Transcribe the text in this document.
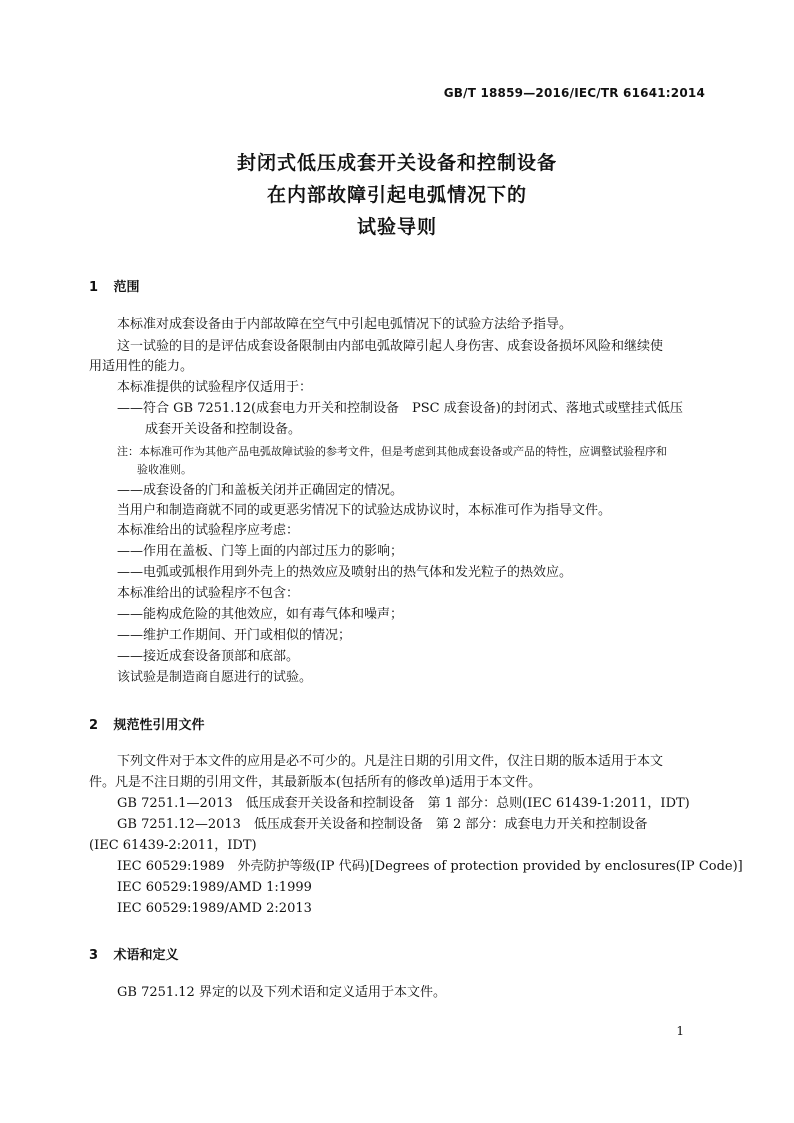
GB/T 18859—2016/IEC/TR 61641:2014
封闭式低压成套开关设备和控制设备
在内部故障引起电弧情况下的
试验导则
1 范围
本标准对成套设备由于内部故障在空气中引起电弧情况下的试验方法给予指导。
这一试验的目的是评估成套设备限制由内部电弧故障引起人身伤害、成套设备损坏风险和继续使
用适用性的能力。
本标准提供的试验程序仅适用于：
——符合 GB 7251.12(成套电力开关和控制设备　PSC 成套设备)的封闭式、落地式或壁挂式低压
成套开关设备和控制设备。
注：本标准可作为其他产品电弧故障试验的参考文件，但是考虑到其他成套设备或产品的特性，应调整试验程序和
验收准则。
——成套设备的门和盖板关闭并正确固定的情况。
当用户和制造商就不同的或更恶劣情况下的试验达成协议时，本标准可作为指导文件。
本标准给出的试验程序应考虑：
——作用在盖板、门等上面的内部过压力的影响；
——电弧或弧根作用到外壳上的热效应及喷射出的热气体和发光粒子的热效应。
本标准给出的试验程序不包含：
——能构成危险的其他效应，如有毒气体和噪声；
——维护工作期间、开门或相似的情况；
——接近成套设备顶部和底部。
该试验是制造商自愿进行的试验。
2 规范性引用文件
下列文件对于本文件的应用是必不可少的。凡是注日期的引用文件，仅注日期的版本适用于本文
件。凡是不注日期的引用文件，其最新版本(包括所有的修改单)适用于本文件。
GB 7251.1—2013　低压成套开关设备和控制设备　第 1 部分：总则(IEC 61439-1:2011，IDT)
GB 7251.12—2013　低压成套开关设备和控制设备　第 2 部分：成套电力开关和控制设备
(IEC 61439-2:2011，IDT)
IEC 60529:1989　外壳防护等级(IP 代码)[Degrees of protection provided by enclosures(IP Code)]
IEC 60529:1989/AMD 1:1999
IEC 60529:1989/AMD 2:2013
3 术语和定义
GB 7251.12 界定的以及下列术语和定义适用于本文件。
1
